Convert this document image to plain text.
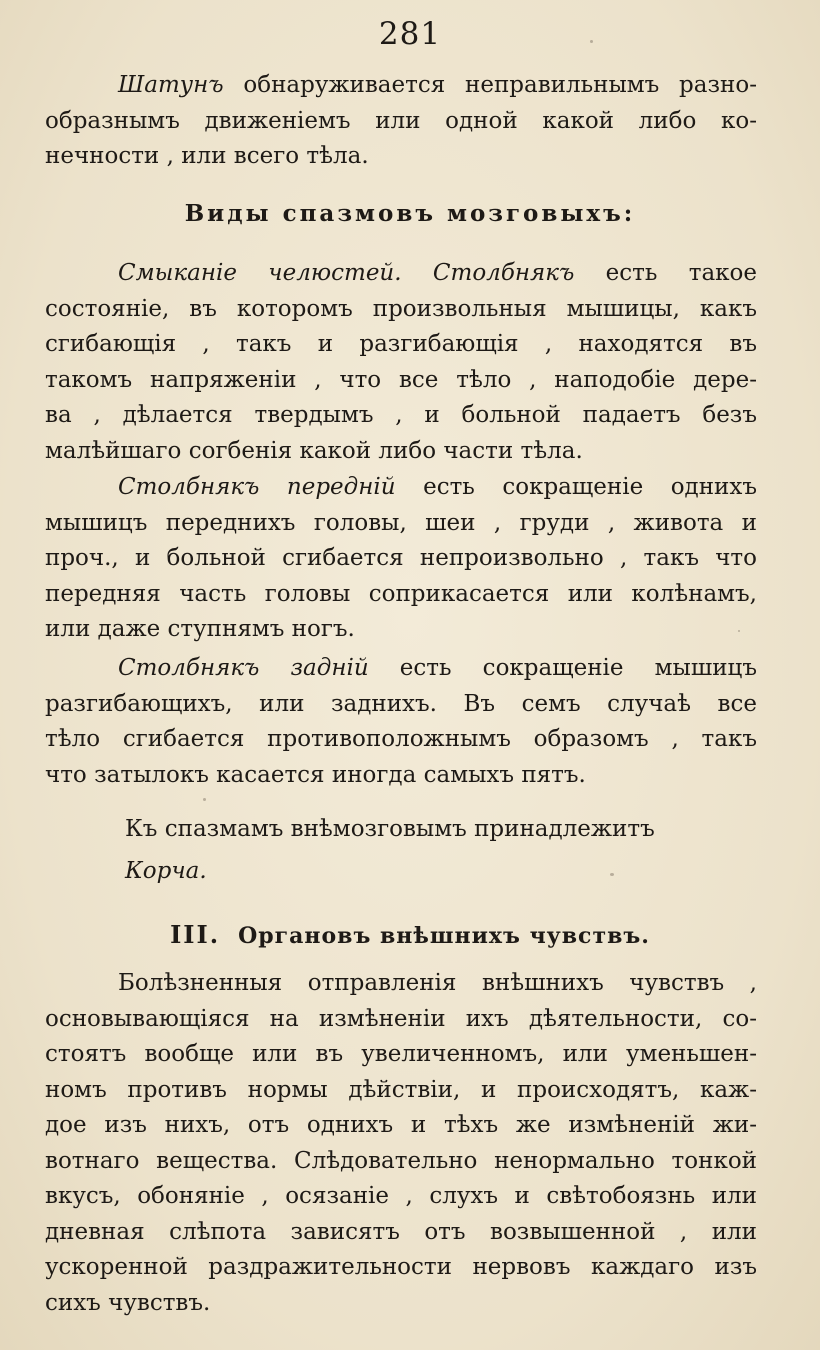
281
Шатунъ обнаруживается неправильнымъ разно-
образнымъ движеніемъ или одной какой либо ко-
нечности , или всего тѣла.
Виды спазмовъ мозговыхъ:
Смыканіе челюстей. Столбнякъ есть такое
состояніе, въ которомъ произвольныя мышицы, какъ
сгибающія , такъ и разгибающія , находятся въ
такомъ напряженіи , что все тѣло , наподобіе дере-
ва , дѣлается твердымъ , и больной падаетъ безъ
малѣйшаго согбенія какой либо части тѣла.
Столбнякъ передній есть сокращеніе однихъ
мышицъ переднихъ головы, шеи , груди , живота и
проч., и больной сгибается непроизвольно , такъ что
передняя часть головы соприкасается или колѣнамъ,
или даже ступнямъ ногъ.
Столбнякъ задній есть сокращеніе мышицъ
разгибающихъ, или заднихъ. Въ семъ случаѣ все
тѣло сгибается противоположнымъ образомъ , такъ
что затылокъ касается иногда самыхъ пятъ.
Къ спазмамъ внѣмозговымъ принадлежитъ
Корча.
III. Органовъ внѣшнихъ чувствъ.
Болѣзненныя отправленія внѣшнихъ чувствъ ,
основывающіяся на измѣненіи ихъ дѣятельности, со-
стоятъ вообще или въ увеличенномъ, или уменьшен-
номъ противъ нормы дѣйствіи, и происходятъ, каж-
дое изъ нихъ, отъ однихъ и тѣхъ же измѣненій жи-
вотнаго вещества. Слѣдовательно ненормально тонкой
вкусъ, обоняніе , осязаніе , слухъ и свѣтобоязнь или
дневная слѣпота зависятъ отъ возвышенной , или
ускоренной раздражительности нервовъ каждаго изъ
сихъ чувствъ.
